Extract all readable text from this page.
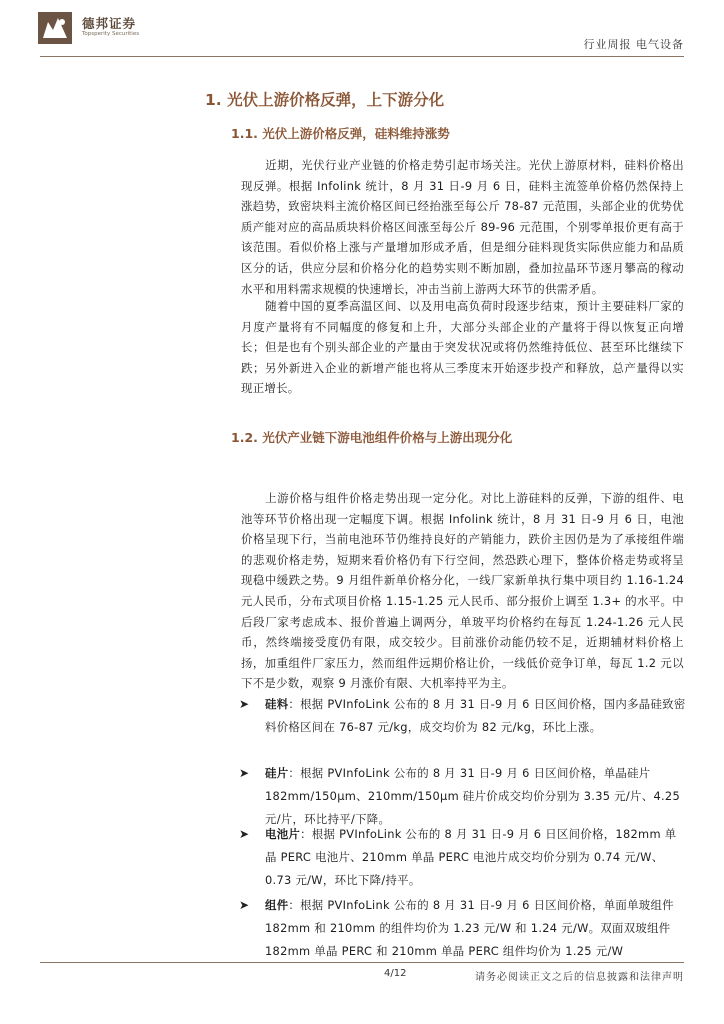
德邦证券
Topsperity Securities
行业周报 电气设备
1. 光伏上游价格反弹，上下游分化
1.1. 光伏上游价格反弹，硅料维持涨势
近期，光伏行业产业链的价格走势引起市场关注。光伏上游原材料，硅料价格出现反弹。根据 Infolink 统计，8 月 31 日-9 月 6 日，硅料主流签单价格仍然保持上涨趋势，致密块料主流价格区间已经抬涨至每公斤 78-87 元范围，头部企业的优势优质产能对应的高品质块料价格区间涨至每公斤 89-96 元范围，个别零单报价更有高于该范围。看似价格上涨与产量增加形成矛盾，但是细分硅料现货实际供应能力和品质区分的话，供应分层和价格分化的趋势实则不断加剧，叠加拉晶环节逐月攀高的稼动水平和用料需求规模的快速增长，冲击当前上游两大环节的供需矛盾。
随着中国的夏季高温区间、以及用电高负荷时段逐步结束，预计主要硅料厂家的月度产量将有不同幅度的修复和上升，大部分头部企业的产量将于得以恢复正向增长；但是也有个别头部企业的产量由于突发状况或将仍然维持低位、甚至环比继续下跌；另外新进入企业的新增产能也将从三季度末开始逐步投产和释放，总产量得以实现正增长。
1.2. 光伏产业链下游电池组件价格与上游出现分化
上游价格与组件价格走势出现一定分化。对比上游硅料的反弹，下游的组件、电池等环节价格出现一定幅度下调。根据 Infolink 统计，8 月 31 日-9 月 6 日，电池价格呈现下行，当前电池环节仍维持良好的产销能力，跌价主因仍是为了承接组件端的悲观价格走势，短期来看价格仍有下行空间，然恐跌心理下，整体价格走势或将呈现稳中缓跌之势。9 月组件新单价格分化，一线厂家新单执行集中项目约 1.16-1.24 元人民币，分布式项目价格 1.15-1.25 元人民币、部分报价上调至 1.3+ 的水平。中后段厂家考虑成本、报价普遍上调两分，单玻平均价格约在每瓦 1.24-1.26 元人民币，然终端接受度仍有限，成交较少。目前涨价动能仍较不足，近期辅材料价格上扬，加重组件厂家压力，然而组件远期价格让价，一线低价竞争订单，每瓦 1.2 元以下不是少数，观察 9 月涨价有限、大机率持平为主。
➤ 硅料：根据 PVInfoLink 公布的 8 月 31 日-9 月 6 日区间价格，国内多晶硅致密料价格区间在 76-87 元/kg，成交均价为 82 元/kg，环比上涨。
➤ 硅片：根据 PVInfoLink 公布的 8 月 31 日-9 月 6 日区间价格，单晶硅片 182mm/150μm、210mm/150μm 硅片价成交均价分别为 3.35 元/片、4.25 元/片，环比持平/下降。
➤ 电池片：根据 PVInfoLink 公布的 8 月 31 日-9 月 6 日区间价格，182mm 单晶 PERC 电池片、210mm 单晶 PERC 电池片成交均价分别为 0.74 元/W、0.73 元/W，环比下降/持平。
➤ 组件：根据 PVInfoLink 公布的 8 月 31 日-9 月 6 日区间价格，单面单玻组件 182mm 和 210mm 的组件均价为 1.23 元/W 和 1.24 元/W。双面双玻组件 182mm 单晶 PERC 和 210mm 单晶 PERC 组件均价为 1.25 元/W
4/12	请务必阅读正文之后的信息披露和法律声明
